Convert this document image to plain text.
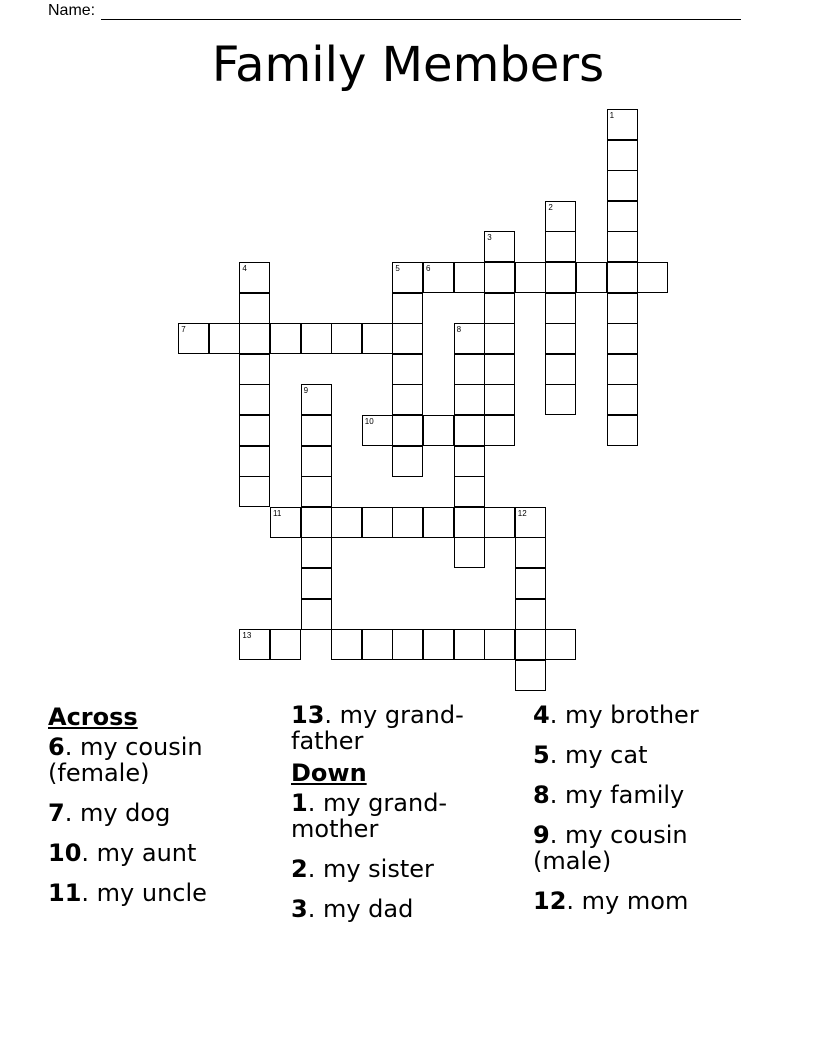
Name:
Family Members
1
2
3
6
4	5
7	8
9
10
11	12
13
Across
6. my cousin (female)
7. my dog
10. my aunt
11. my uncle
13. my grand-father
Down
1. my grand-mother
2. my sister
3. my dad
4. my brother
5. my cat
8. my family
9. my cousin (male)
12. my mom
